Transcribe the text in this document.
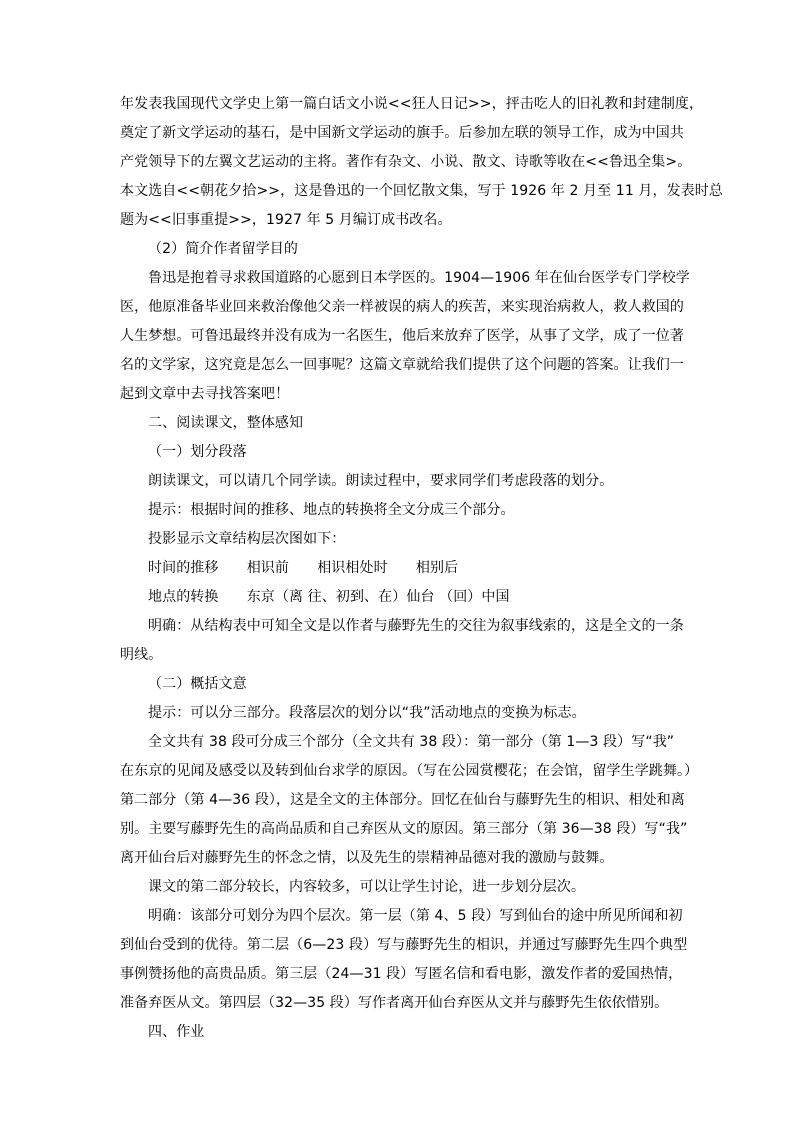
年发表我国现代文学史上第一篇白话文小说<<狂人日记>>，抨击吃人的旧礼教和封建制度，
奠定了新文学运动的基石，是中国新文学运动的旗手。后参加左联的领导工作，成为中国共
产党领导下的左翼文艺运动的主将。著作有杂文、小说、散文、诗歌等收在<<鲁迅全集>。
本文选自<<朝花夕拾>>，这是鲁迅的一个回忆散文集，写于 1926 年 2 月至 11 月，发表时总
题为<<旧事重提>>，1927 年 5 月编订成书改名。
（2）简介作者留学目的
鲁迅是抱着寻求救国道路的心愿到日本学医的。1904—1906 年在仙台医学专门学校学
医，他原准备毕业回来救治像他父亲一样被误的病人的疾苦，来实现治病救人，救人救国的
人生梦想。可鲁迅最终并没有成为一名医生，他后来放弃了医学，从事了文学，成了一位著
名的文学家，这究竟是怎么一回事呢？这篇文章就给我们提供了这个问题的答案。让我们一
起到文章中去寻找答案吧！
二、阅读课文，整体感知
（一）划分段落
朗读课文，可以请几个同学读。朗读过程中，要求同学们考虑段落的划分。
提示：根据时间的推移、地点的转换将全文分成三个部分。
投影显示文章结构层次图如下：
时间的推移　　相识前　　相识相处时　　相别后
地点的转换　　东京（离 往、初到、在）仙台 （回）中国
明确：从结构表中可知全文是以作者与藤野先生的交往为叙事线索的，这是全文的一条
明线。
（二）概括文意
提示：可以分三部分。段落层次的划分以“我”活动地点的变换为标志。
全文共有 38 段可分成三个部分（全文共有 38 段）：第一部分（第 1—3 段）写“我”
在东京的见闻及感受以及转到仙台求学的原因。（写在公园赏樱花；在会馆，留学生学跳舞。）
第二部分（第 4—36 段），这是全文的主体部分。回忆在仙台与藤野先生的相识、相处和离
别。主要写藤野先生的高尚品质和自己弃医从文的原因。第三部分（第 36—38 段）写“我”
离开仙台后对藤野先生的怀念之情，以及先生的崇精神品德对我的激励与鼓舞。
课文的第二部分较长，内容较多，可以让学生讨论，进一步划分层次。
明确：该部分可划分为四个层次。第一层（第 4、5 段）写到仙台的途中所见所闻和初
到仙台受到的优待。第二层（6—23 段）写与藤野先生的相识，并通过写藤野先生四个典型
事例赞扬他的高贵品质。第三层（24—31 段）写匿名信和看电影，激发作者的爱国热情，
准备弃医从文。第四层（32—35 段）写作者离开仙台弃医从文并与藤野先生依依惜别。
四、作业
